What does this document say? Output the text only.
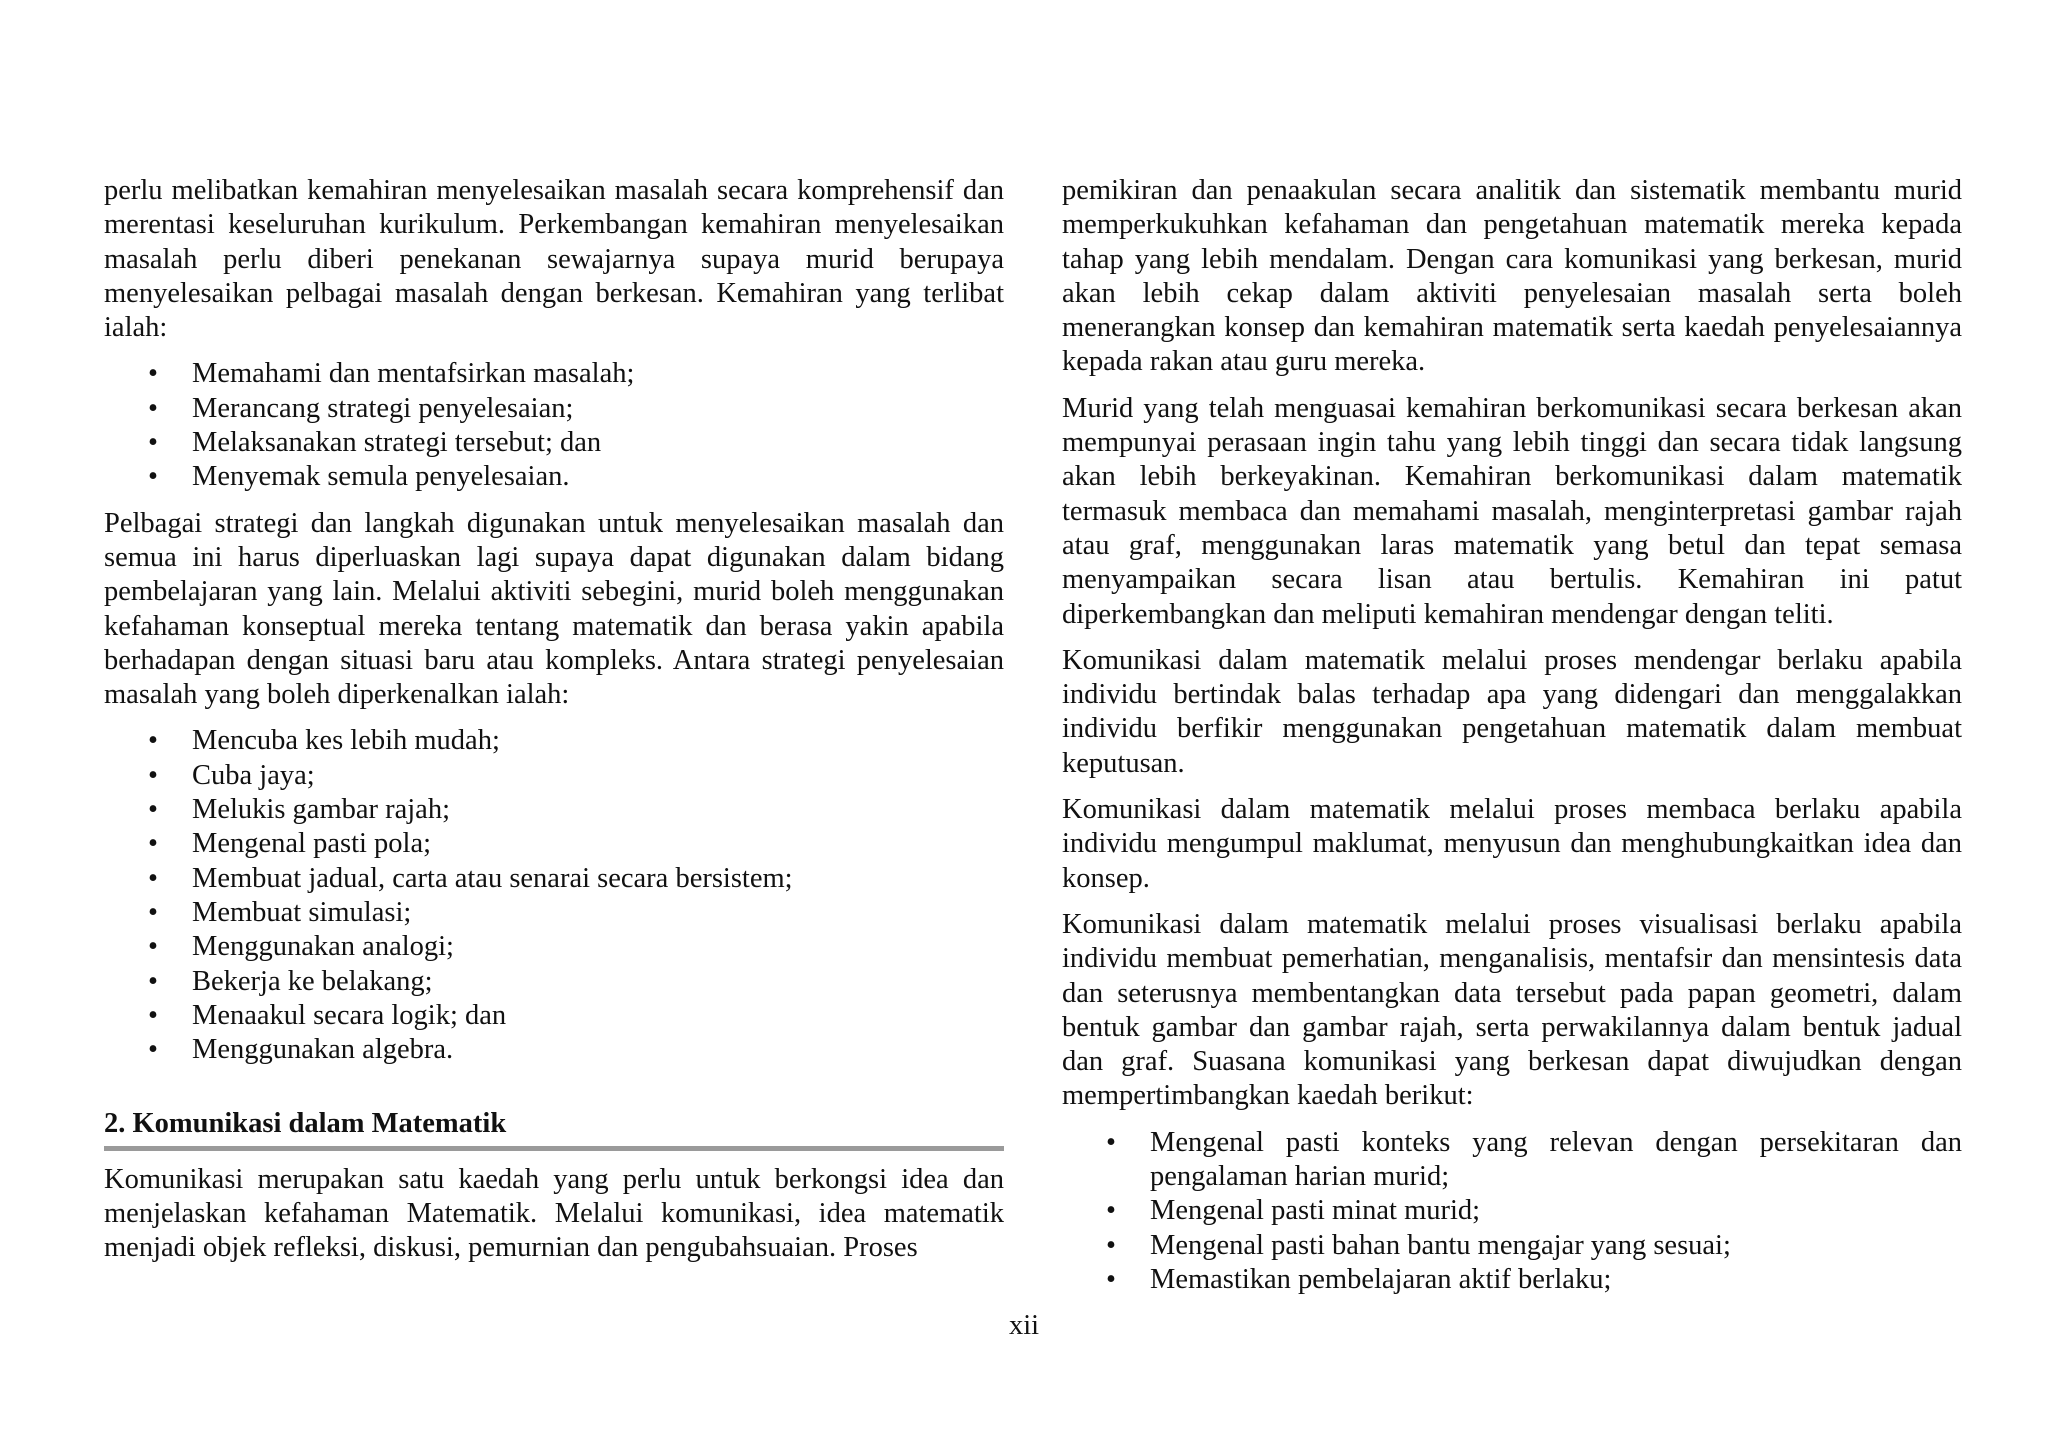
perlu melibatkan kemahiran menyelesaikan masalah secara komprehensif dan merentasi keseluruhan kurikulum. Perkembangan kemahiran menyelesaikan masalah perlu diberi penekanan sewajarnya supaya murid berupaya menyelesaikan pelbagai masalah dengan berkesan. Kemahiran yang terlibat ialah:

•	Memahami dan mentafsirkan masalah;
•	Merancang strategi penyelesaian;
•	Melaksanakan strategi tersebut; dan
•	Menyemak semula penyelesaian.

Pelbagai strategi dan langkah digunakan untuk menyelesaikan masalah dan semua ini harus diperluaskan lagi supaya dapat digunakan dalam bidang pembelajaran yang lain. Melalui aktiviti sebegini, murid boleh menggunakan kefahaman konseptual mereka tentang matematik dan berasa yakin apabila berhadapan dengan situasi baru atau kompleks. Antara strategi penyelesaian masalah yang boleh diperkenalkan ialah:

•	Mencuba kes lebih mudah;
•	Cuba jaya;
•	Melukis gambar rajah;
•	Mengenal pasti pola;
•	Membuat jadual, carta atau senarai secara bersistem;
•	Membuat simulasi;
•	Menggunakan analogi;
•	Bekerja ke belakang;
•	Menaakul secara logik; dan
•	Menggunakan algebra.
2. Komunikasi dalam Matematik

Komunikasi merupakan satu kaedah yang perlu untuk berkongsi idea dan menjelaskan kefahaman Matematik. Melalui komunikasi, idea matematik menjadi objek refleksi, diskusi, pemurnian dan pengubahsuaian. Proses

pemikiran dan penaakulan secara analitik dan sistematik membantu murid memperkukuhkan kefahaman dan pengetahuan matematik mereka kepada tahap yang lebih mendalam. Dengan cara komunikasi yang berkesan, murid akan lebih cekap dalam aktiviti penyelesaian masalah serta boleh menerangkan konsep dan kemahiran matematik serta kaedah penyelesaiannya kepada rakan atau guru mereka.

Murid yang telah menguasai kemahiran berkomunikasi secara berkesan akan mempunyai perasaan ingin tahu yang lebih tinggi dan secara tidak langsung akan lebih berkeyakinan. Kemahiran berkomunikasi dalam matematik termasuk membaca dan memahami masalah, menginterpretasi gambar rajah atau graf, menggunakan laras matematik yang betul dan tepat semasa menyampaikan secara lisan atau bertulis. Kemahiran ini patut diperkembangkan dan meliputi kemahiran mendengar dengan teliti.

Komunikasi dalam matematik melalui proses mendengar berlaku apabila individu bertindak balas terhadap apa yang didengari dan menggalakkan individu berfikir menggunakan pengetahuan matematik dalam membuat keputusan.

Komunikasi dalam matematik melalui proses membaca berlaku apabila individu mengumpul maklumat, menyusun dan menghubungkaitkan idea dan konsep.

Komunikasi dalam matematik melalui proses visualisasi berlaku apabila individu membuat pemerhatian, menganalisis, mentafsir dan mensintesis data dan seterusnya membentangkan data tersebut pada papan geometri, dalam bentuk gambar dan gambar rajah, serta perwakilannya dalam bentuk jadual dan graf. Suasana komunikasi yang berkesan dapat diwujudkan dengan mempertimbangkan kaedah berikut:

•	Mengenal pasti konteks yang relevan dengan persekitaran dan pengalaman harian murid;
•	Mengenal pasti minat murid;
•	Mengenal pasti bahan bantu mengajar yang sesuai;
•	Memastikan pembelajaran aktif berlaku;
xii
